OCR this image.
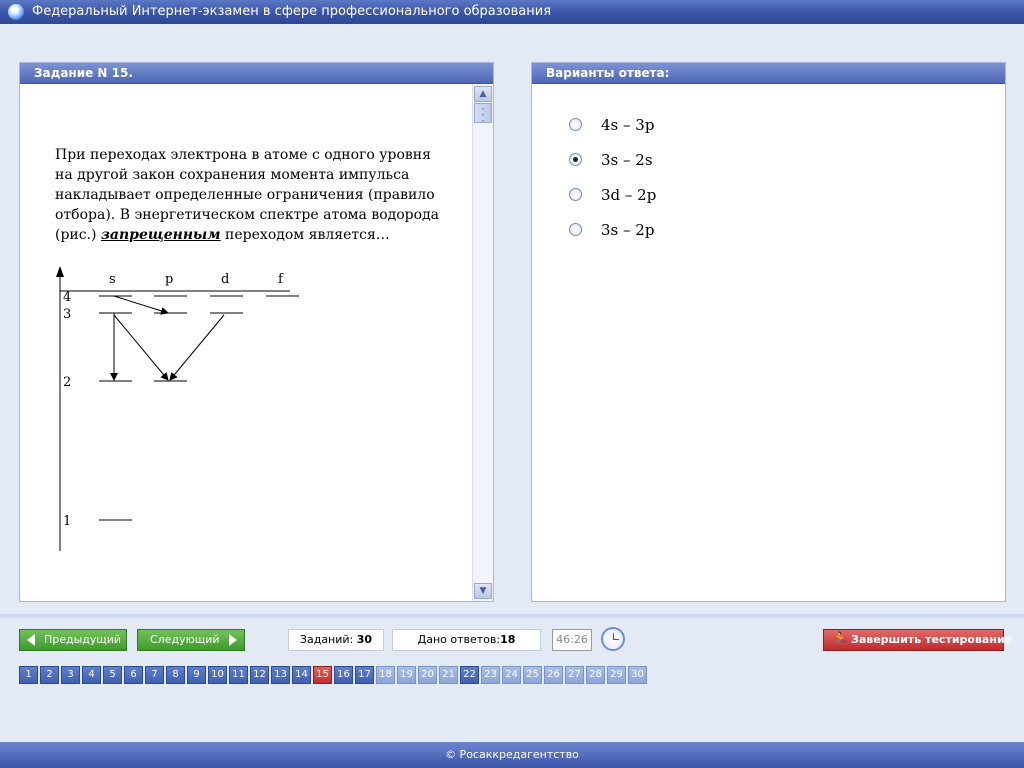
Федеральный Интернет-экзамен в сфере профессионального образования
Задание N 15.
При переходах электрона в атоме с одного уровня на другой закон сохранения момента импульса накладывает определенные ограничения (правило отбора). В энергетическом спектре атома водорода (рис.) запрещенным переходом является…
s	p	d	f
4
3
2
1
▲
•
•
•
▼
Варианты ответа:
4s – 3p
3s – 2s
3d – 2p
3s – 2p
Предыдущий	Следующий	Заданий: 30	Дано ответов:18	46:26	🏃 Завершить тестирование
1	2	3	4	5	6	7	8	9	10 11 12 13 14 15 16 17 18 19 20 21 22 23 24 25 26 27 28 29 30
© Росаккредагентство
